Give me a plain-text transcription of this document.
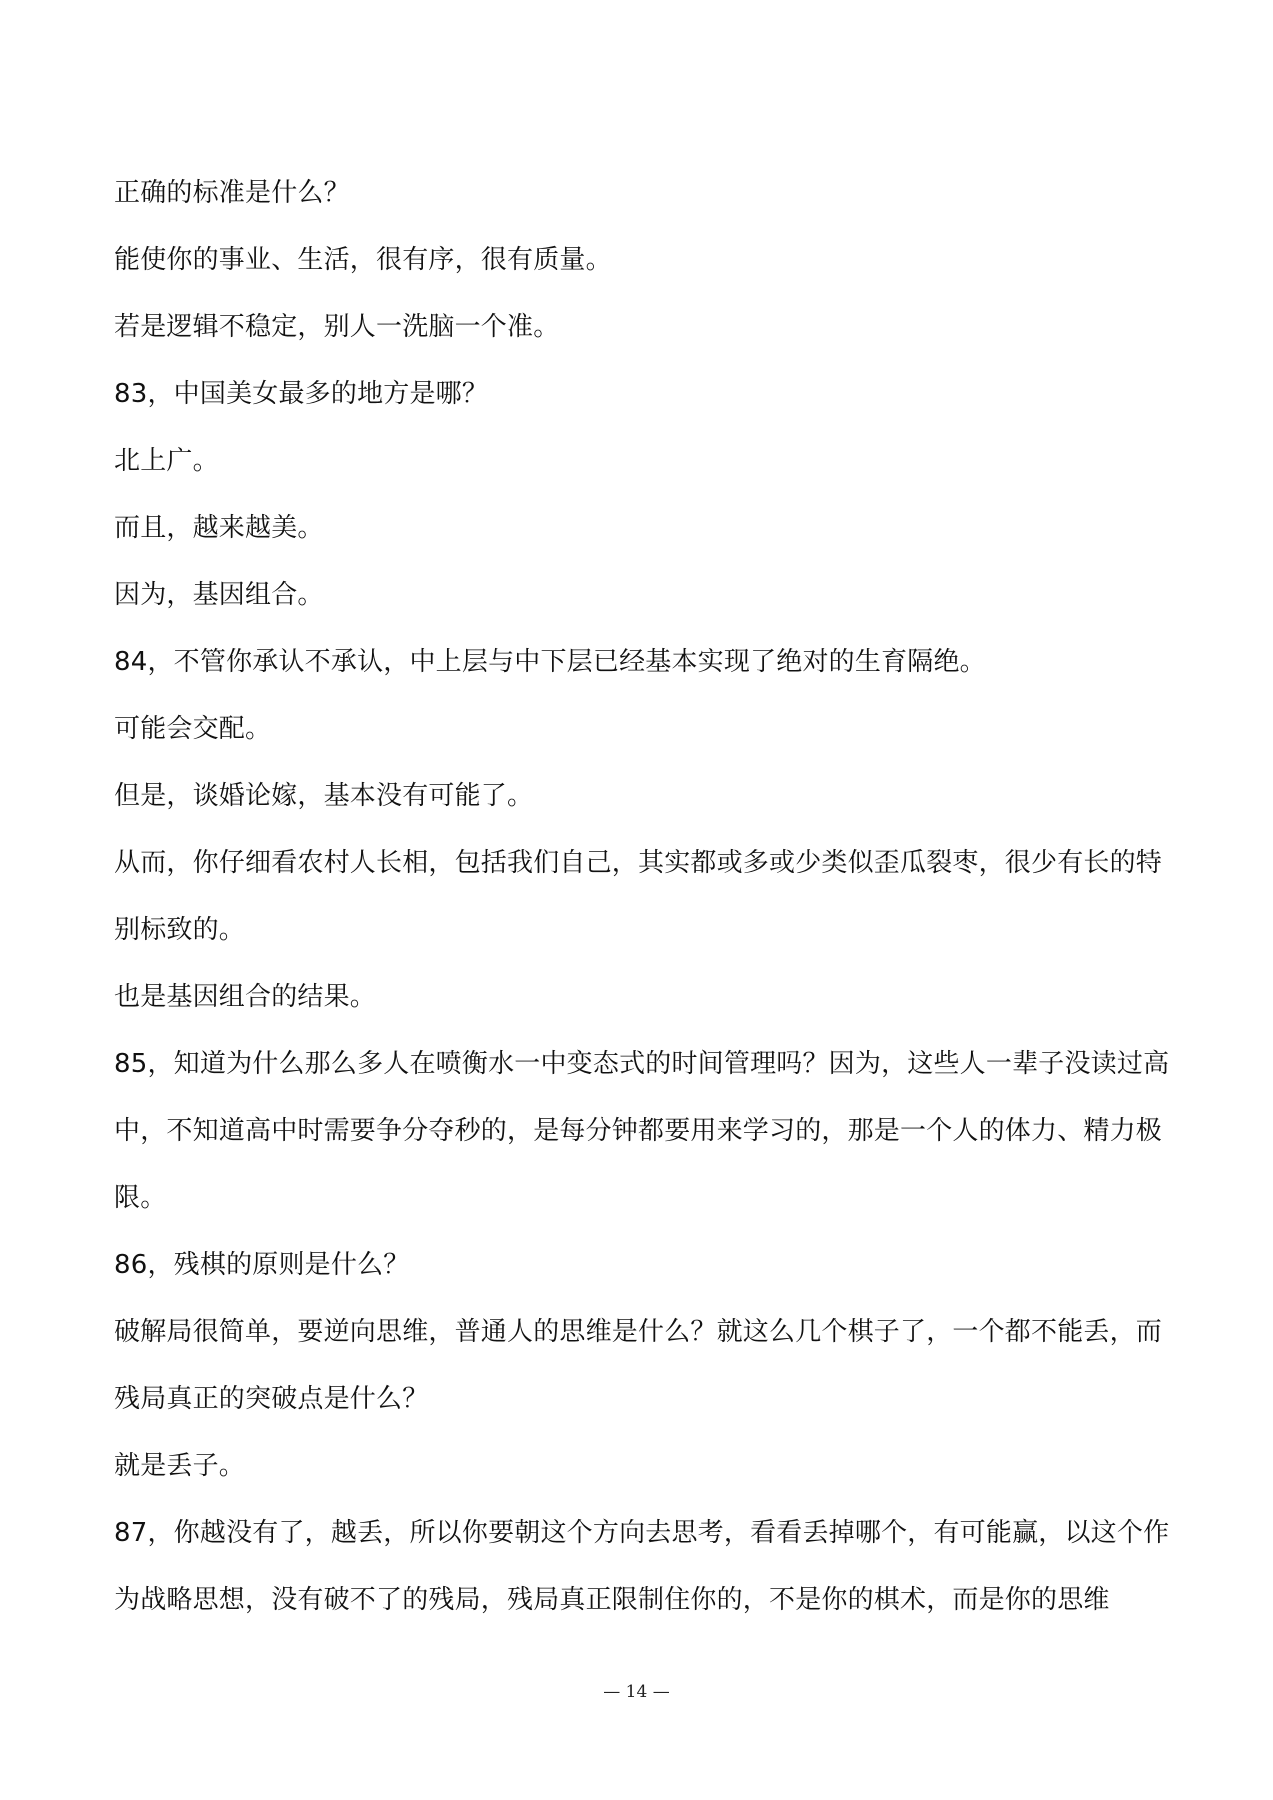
正确的标准是什么？

能使你的事业、生活，很有序，很有质量。

若是逻辑不稳定，别人一洗脑一个准。

83，中国美女最多的地方是哪？

北上广。

而且，越来越美。

因为，基因组合。

84，不管你承认不承认，中上层与中下层已经基本实现了绝对的生育隔绝。

可能会交配。

但是，谈婚论嫁，基本没有可能了。

从而，你仔细看农村人长相，包括我们自己，其实都或多或少类似歪瓜裂枣，很少有长的特别标致的。

也是基因组合的结果。

85，知道为什么那么多人在喷衡水一中变态式的时间管理吗？因为，这些人一辈子没读过高中，不知道高中时需要争分夺秒的，是每分钟都要用来学习的，那是一个人的体力、精力极限。

86，残棋的原则是什么？

破解局很简单，要逆向思维，普通人的思维是什么？就这么几个棋子了，一个都不能丢，而残局真正的突破点是什么？

就是丢子。

87，你越没有了，越丢，所以你要朝这个方向去思考，看看丢掉哪个，有可能赢，以这个作为战略思想，没有破不了的残局，残局真正限制住你的，不是你的棋术，而是你的思维

— 14 —
